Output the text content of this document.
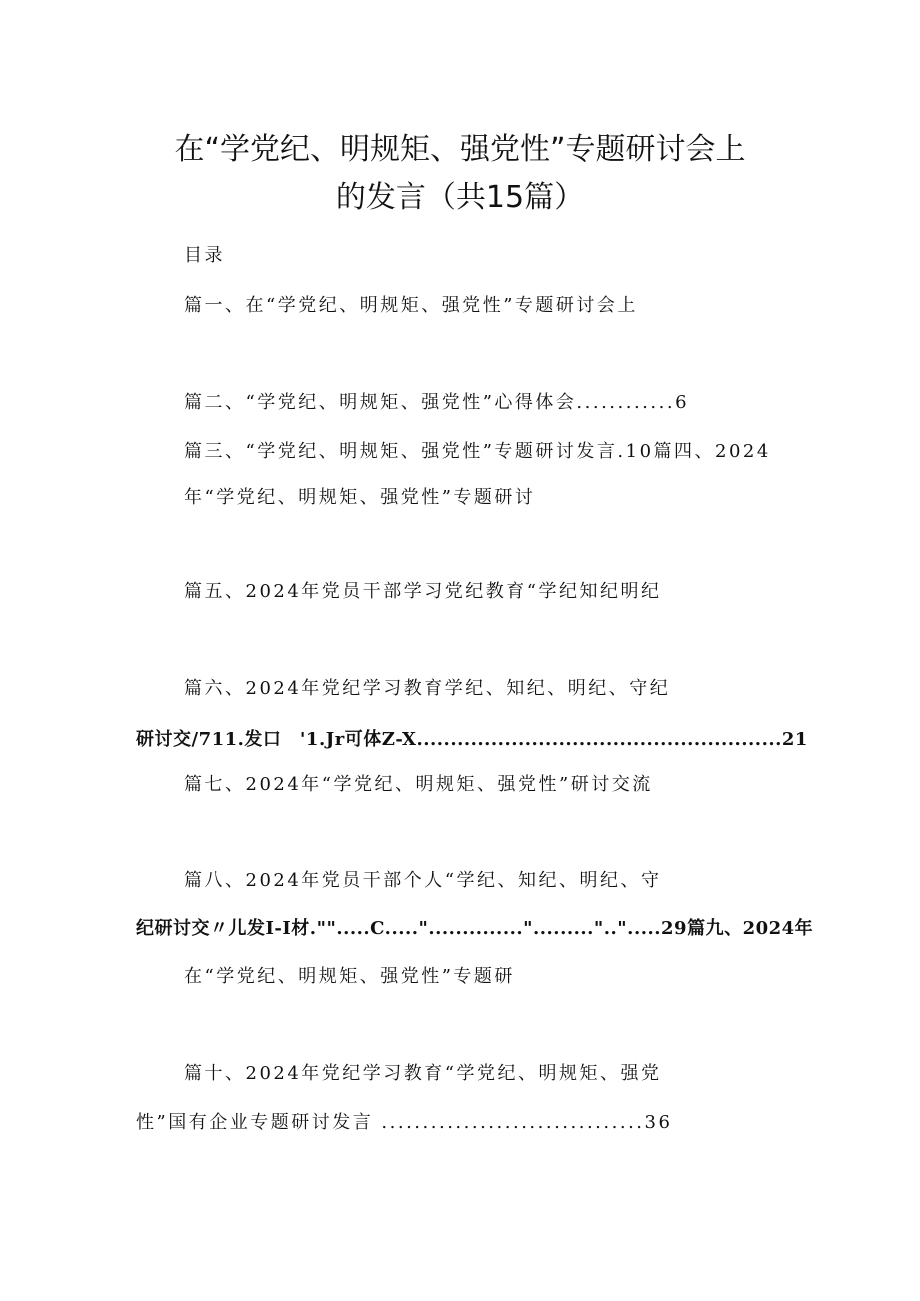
在“学党纪、明规矩、强党性”专题研讨会上
的发言（共15篇）
目录
篇一、在“学党纪、明规矩、强党性”专题研讨会上
篇二、“学党纪、明规矩、强党性”心得体会............6
篇三、“学党纪、明规矩、强党性”专题研讨发言.10篇四、2024
年“学党纪、明规矩、强党性”专题研讨
篇五、2024年党员干部学习党纪教育“学纪知纪明纪
篇六、2024年党纪学习教育学纪、知纪、明纪、守纪
研讨交/711.发口　'1.Jr可体Z-X......................................................21
篇七、2024年“学党纪、明规矩、强党性”研讨交流
篇八、2024年党员干部个人“学纪、知纪、明纪、守
纪研讨交〃儿发I-I材."".....C.....".............."........."..".....29篇九、2024年
在“学党纪、明规矩、强党性”专题研
篇十、2024年党纪学习教育“学党纪、明规矩、强党
性”国有企业专题研讨发言 ................................36
